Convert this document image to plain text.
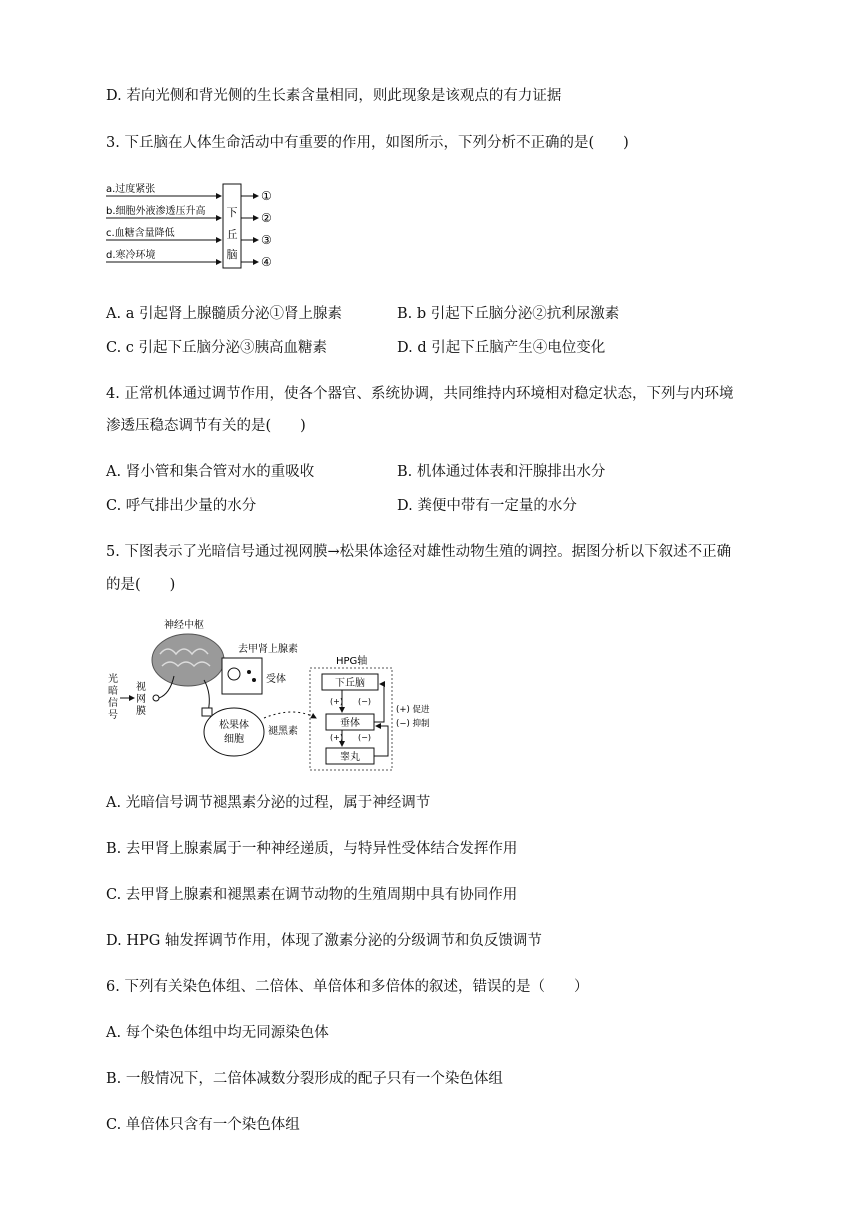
D. 若向光侧和背光侧的生长素含量相同，则此现象是该观点的有力证据
3. 下丘脑在人体生命活动中有重要的作用，如图所示，下列分析不正确的是(　　)
下
丘
脑
a.过度紧张
b.细胞外液渗透压升高
c.血糖含量降低
d.寒冷环境
①
②
③
④
A. a 引起肾上腺髓质分泌①肾上腺素	B. b 引起下丘脑分泌②抗利尿激素
C. c 引起下丘脑分泌③胰高血糖素	D. d 引起下丘脑产生④电位变化
4. 正常机体通过调节作用，使各个器官、系统协调，共同维持内环境相对稳定状态，下列与内环境
渗透压稳态调节有关的是(　　)
A. 肾小管和集合管对水的重吸收	B. 机体通过体表和汗腺排出水分
C. 呼气排出少量的水分	D. 粪便中带有一定量的水分
5. 下图表示了光暗信号通过视网膜→松果体途径对雄性动物生殖的调控。据图分析以下叙述不正确
的是(　　)
神经中枢
光
暗
信
号
视
网
膜
去甲肾上腺素
受体
松果体
细胞
褪黑素
HPG轴
下丘脑
垂体
睾丸
(+)
(+)
(−)
(−)
(+) 促进
(−) 抑制
A. 光暗信号调节褪黑素分泌的过程，属于神经调节
B. 去甲肾上腺素属于一种神经递质，与特异性受体结合发挥作用
C. 去甲肾上腺素和褪黑素在调节动物的生殖周期中具有协同作用
D. HPG 轴发挥调节作用，体现了激素分泌的分级调节和负反馈调节
6. 下列有关染色体组、二倍体、单倍体和多倍体的叙述，错误的是（　　）
A. 每个染色体组中均无同源染色体
B. 一般情况下，二倍体减数分裂形成的配子只有一个染色体组
C. 单倍体只含有一个染色体组
